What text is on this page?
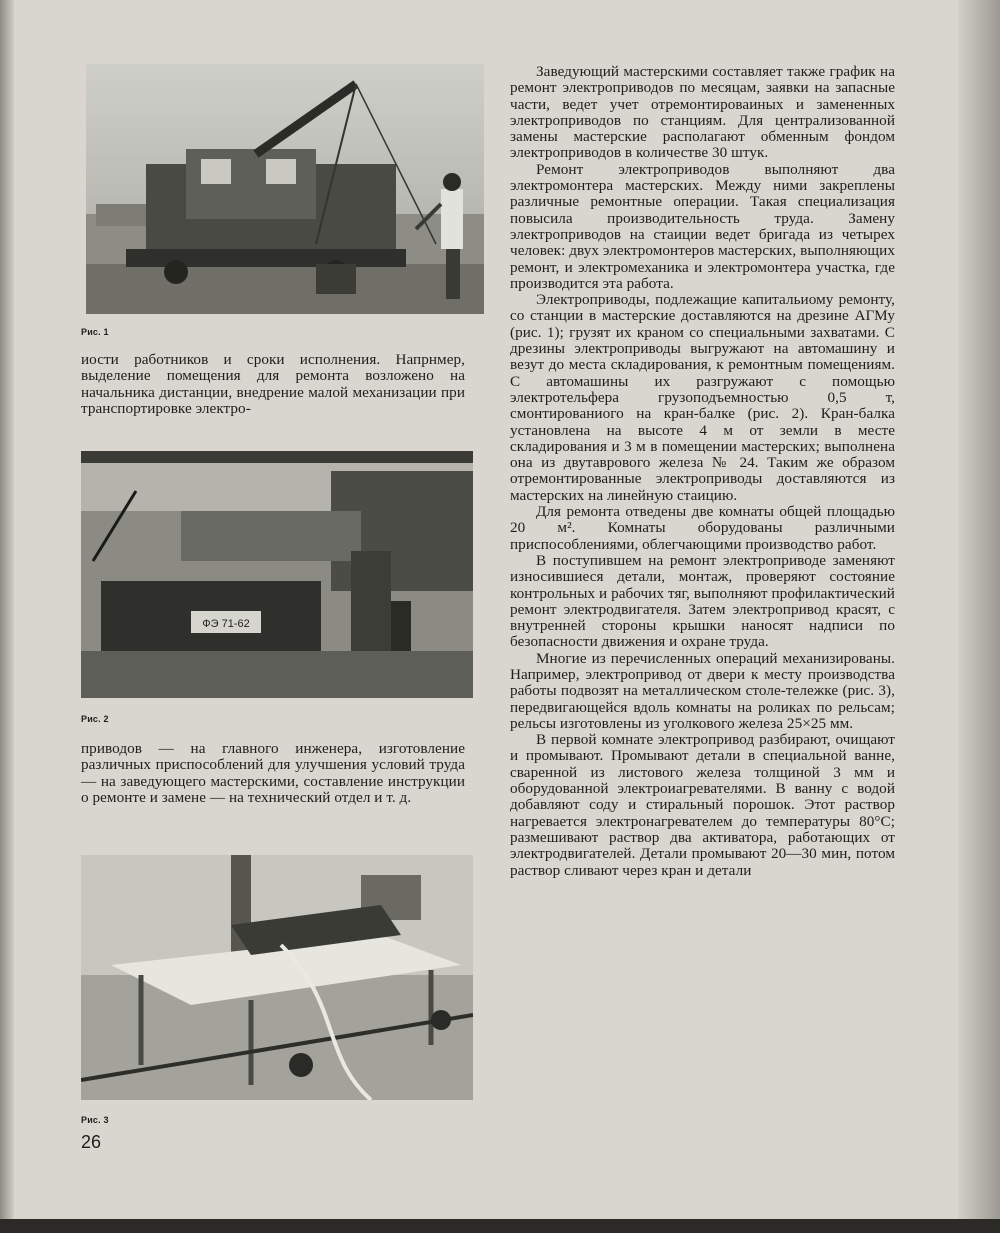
Рис. 1
иости работников и сроки исполнения. Напрнмер, выделение помещения для ремонта возложено на начальника дистанции, внедрение малой механизации при транспортировке электро-
ФЭ 71-62
Рис. 2
приводов — на главного инженера, изготовление различных приспособлений для улучшения условий труда — на заведующего мастерскими, составление инструкции о ремонте и замене — на технический отдел и т. д.
Рис. 3
26

Заведующий мастерскими составляет также график на ремонт электроприводов по месяцам, заявки на запасные части, ведет учет отремонтироваиных и замененных электроприводов по станциям. Для централизованной замены мастерские располагают обменным фондом электроприводов в количестве 30 штук.

Ремонт электроприводов выполняют два электромонтера мастерских. Между ними закреплены различные ремонтные операции. Такая специализация повысила производительность труда. Заменy электроприводов на стаиции ведет бригада из четырех человек: двух электромонтеров мастерских, выполняющих ремонт, и электромеханика и электромонтера участка, где производится эта работа.

Электроприводы, подлежащие капитальиому ремонту, со станции в мастерские доставляются на дрезине АГМу (рис. 1); грузят их краном со специальными захватами. С дрезины электроприводы выгружают на автомашину и везут до места складирования, к ремонтным помещениям. С автомашины их разгружают с помощью электротельфера грузоподъемностью 0,5 т, смонтированиого на кран-балке (рис. 2). Кран-балка установлена на высоте 4 м от земли в месте складирования и 3 м в помещении мастерских; выполнена она из двутаврового железа № 24. Таким же образом отремонтированные электроприводы доставляются из мастерских на линейную стаицию.

Для ремонта отведены две комнаты общей площадью 20 м². Комнаты оборудованы различными приспособлениями, облегчающими производство работ.

В поступившем на ремонт электроприводе заменяют износившиеся детали, монтаж, проверяют состояние контрольных и рабочих тяг, выполняют профилактический ремонт электродвигателя. Затем электропривод красят, с внутренней стороны крышки наносят надписи по безопасности движения и охране труда.

Многие из перечисленных операций механизированы. Например, электропривод от двери к месту производства работы подвозят на металлическом столе-тележке (рис. 3), передвигающейся вдоль комнаты на роликах по рельсам; рельсы изготовлены из уголкового железа 25×25 мм.

В первой комнате электропривод разбирают, очищают и промывают. Промывают детали в специальной ванне, сваренной из листового железа толщиной 3 мм и оборудованной электроиагревателями. В ванну с водой добавляют соду и стиральный порошок. Этот раствор нагревается электронагревателем до температуры 80°С; размешивают раствор два активатора, работающих от электродвигателей. Детали промывают 20—30 мин, потом раствор сливают через кран и детали
